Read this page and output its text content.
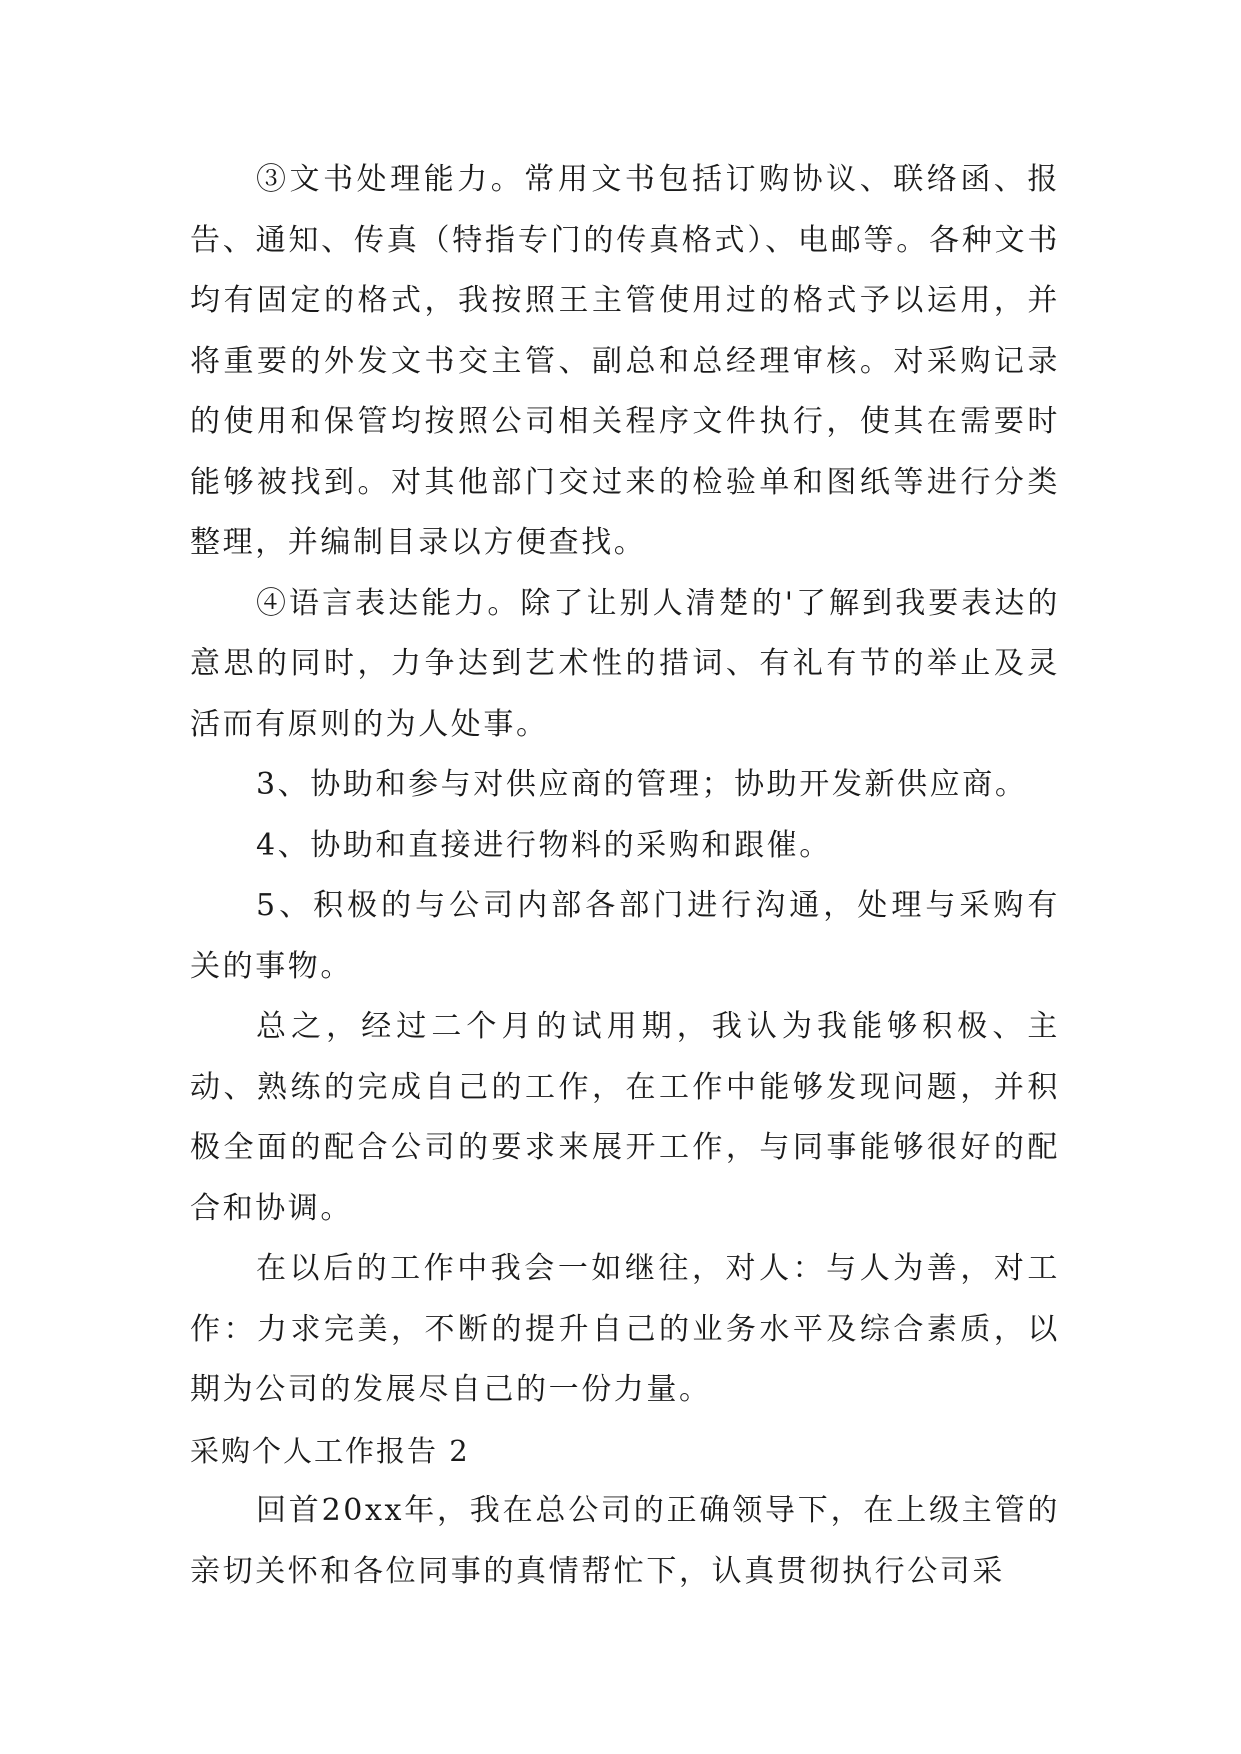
③文书处理能力。常用文书包括订购协议、联络函、报告、通知、传真（特指专门的传真格式）、电邮等。各种文书均有固定的格式，我按照王主管使用过的格式予以运用，并将重要的外发文书交主管、副总和总经理审核。对采购记录的使用和保管均按照公司相关程序文件执行，使其在需要时能够被找到。对其他部门交过来的检验单和图纸等进行分类整理，并编制目录以方便查找。

④语言表达能力。除了让别人清楚的'了解到我要表达的意思的同时，力争达到艺术性的措词、有礼有节的举止及灵活而有原则的为人处事。

3、协助和参与对供应商的管理；协助开发新供应商。

4、协助和直接进行物料的采购和跟催。

5、积极的与公司内部各部门进行沟通，处理与采购有关的事物。

总之，经过二个月的试用期，我认为我能够积极、主动、熟练的完成自己的工作，在工作中能够发现问题，并积极全面的配合公司的要求来展开工作，与同事能够很好的配合和协调。

在以后的工作中我会一如继往，对人：与人为善，对工作：力求完美，不断的提升自己的业务水平及综合素质，以期为公司的发展尽自己的一份力量。

采购个人工作报告 2

回首20xx年，我在总公司的正确领导下，在上级主管的亲切关怀和各位同事的真情帮忙下，认真贯彻执行公司采
